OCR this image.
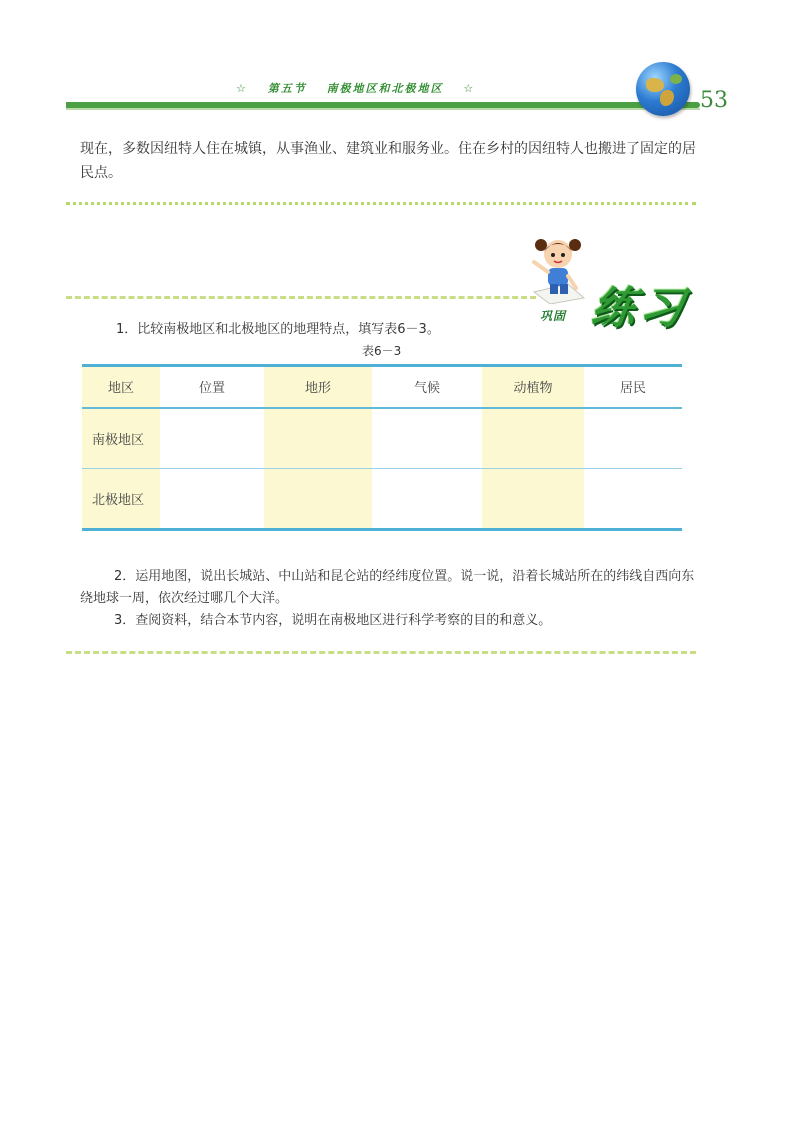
☆ 第五节 南极地区和北极地区 ☆	53
现在，多数因纽特人住在城镇，从事渔业、建筑业和服务业。住在乡村的因纽特人也搬进了固定的居民点。
巩固 练习
1．比较南极地区和北极地区的地理特点，填写表6－3。
表6－3
地区	位置	地形	气候	动植物	居民
南极地区					
北极地区					
2．运用地图，说出长城站、中山站和昆仑站的经纬度位置。说一说，沿着长城站所在的纬线自西向东绕地球一周，依次经过哪几个大洋。
3．查阅资料，结合本节内容，说明在南极地区进行科学考察的目的和意义。
